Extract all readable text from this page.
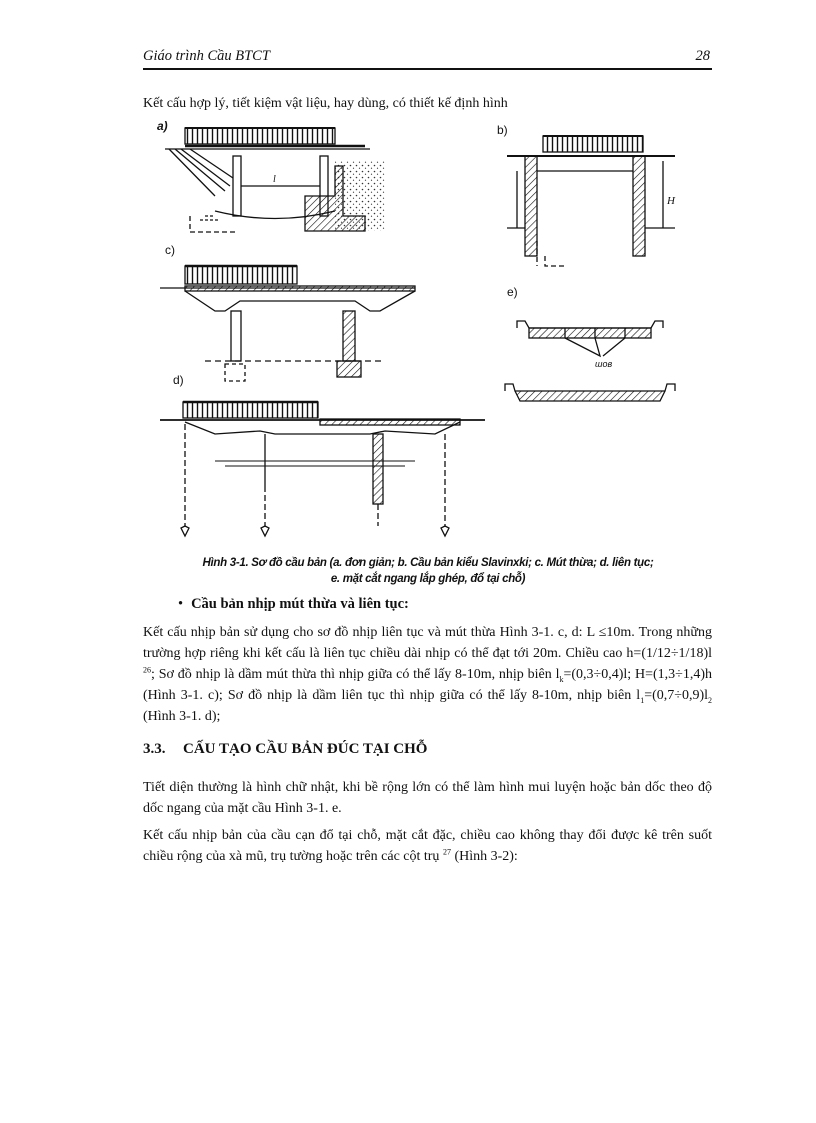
Giáo trình Cầu BTCT	28
Kết cấu hợp lý, tiết kiệm vật liệu, hay dùng, có thiết kế định hình
a)
l
b)
H
c)
e)
шов
d)
Hình 3-1. Sơ đồ cầu bản (a. đơn giản; b. Cầu bản kiểu Slavinxki; c. Mút thừa; d. liên tục;
e. mặt cắt ngang lắp ghép, đổ tại chỗ)
• Cầu bản nhịp mút thừa và liên tục:

Kết cấu nhịp bản sử dụng cho sơ đồ nhịp liên tục và mút thừa Hình 3-1. c, d: L ≤10m. Trong những trường hợp riêng khi kết cấu là liên tục chiều dài nhịp có thể đạt tới 20m. Chiều cao h=(1/12÷1/18)l $^{26}$; Sơ đồ nhịp là dầm mút thừa thì nhịp giữa có thể lấy 8-10m, nhịp biên $l_k=(0,3\div 0,4)l$; H=(1,3÷1,4)h (Hình 3-1. c); Sơ đồ nhịp là dầm liên tục thì nhịp giữa có thể lấy 8-10m, nhịp biên $l_1=(0,7\div 0,9)l_2$ (Hình 3-1. d);

3.3. CẤU TẠO CẦU BẢN ĐÚC TẠI CHỖ

Tiết diện thường là hình chữ nhật, khi bề rộng lớn có thể làm hình mui luyện hoặc bản dốc theo độ dốc ngang của mặt cầu Hình 3-1. e.

Kết cấu nhịp bản của cầu cạn đổ tại chỗ, mặt cắt đặc, chiều cao không thay đổi được kê trên suốt chiều rộng của xà mũ, trụ tường hoặc trên các cột trụ $^{27}$ (Hình 3-2):
